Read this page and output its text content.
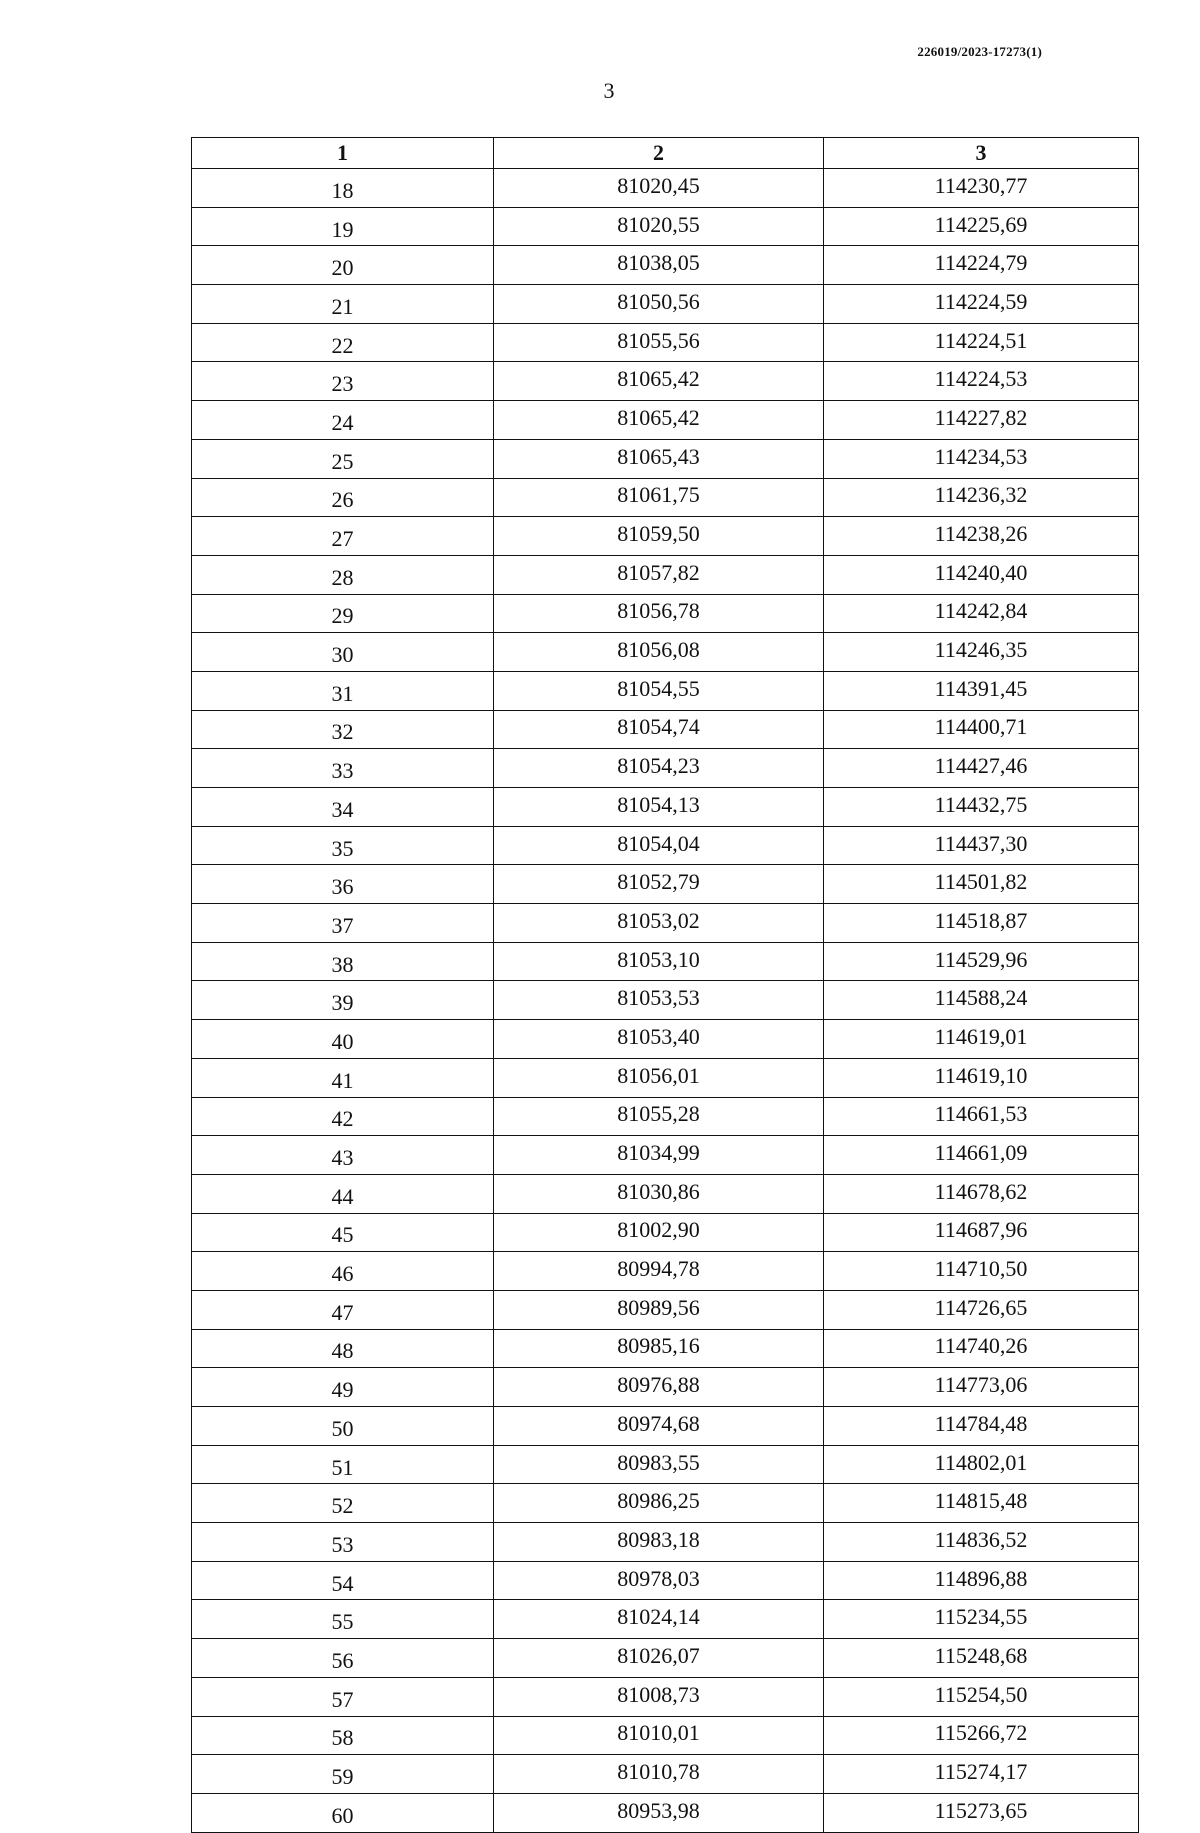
226019/2023-17273(1)
3
1	2	3
18	81020,45	114230,77
19	81020,55	114225,69
20	81038,05	114224,79
21	81050,56	114224,59
22	81055,56	114224,51
23	81065,42	114224,53
24	81065,42	114227,82
25	81065,43	114234,53
26	81061,75	114236,32
27	81059,50	114238,26
28	81057,82	114240,40
29	81056,78	114242,84
30	81056,08	114246,35
31	81054,55	114391,45
32	81054,74	114400,71
33	81054,23	114427,46
34	81054,13	114432,75
35	81054,04	114437,30
36	81052,79	114501,82
37	81053,02	114518,87
38	81053,10	114529,96
39	81053,53	114588,24
40	81053,40	114619,01
41	81056,01	114619,10
42	81055,28	114661,53
43	81034,99	114661,09
44	81030,86	114678,62
45	81002,90	114687,96
46	80994,78	114710,50
47	80989,56	114726,65
48	80985,16	114740,26
49	80976,88	114773,06
50	80974,68	114784,48
51	80983,55	114802,01
52	80986,25	114815,48
53	80983,18	114836,52
54	80978,03	114896,88
55	81024,14	115234,55
56	81026,07	115248,68
57	81008,73	115254,50
58	81010,01	115266,72
59	81010,78	115274,17
60	80953,98	115273,65
